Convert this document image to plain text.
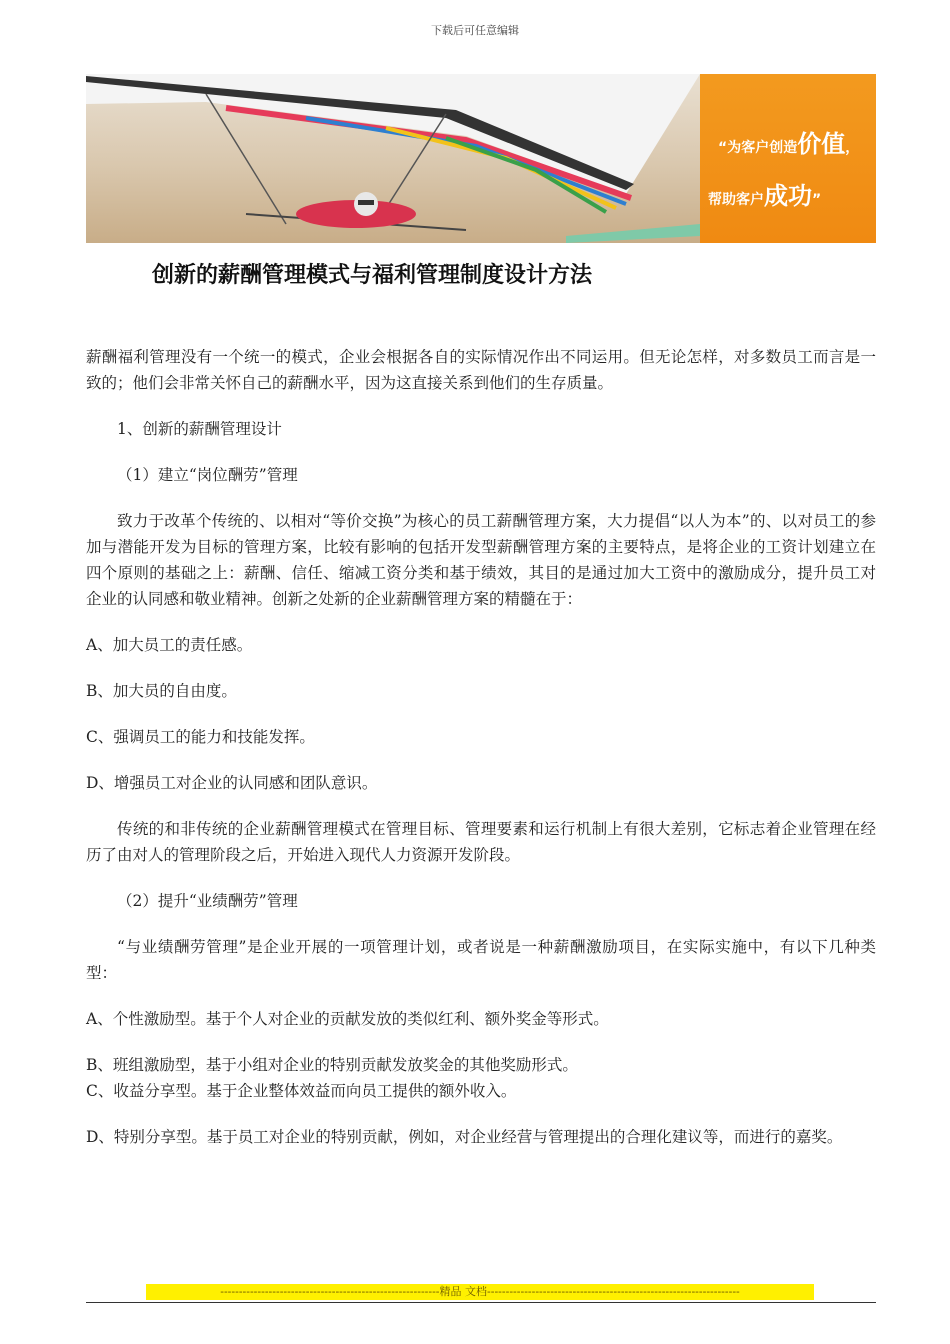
下载后可任意编辑
“为客户创造价值，
帮助客户成功”
创新的薪酬管理模式与福利管理制度设计方法

薪酬福利管理没有一个统一的模式，企业会根据各自的实际情况作出不同运用。但无论怎样，对多数员工而言是一致的；他们会非常关怀自己的薪酬水平，因为这直接关系到他们的生存质量。

1、创新的薪酬管理设计

（1）建立“岗位酬劳”管理

致力于改革个传统的、以相对“等价交换”为核心的员工薪酬管理方案，大力提倡“以人为本”的、以对员工的参加与潜能开发为目标的管理方案，比较有影响的包括开发型薪酬管理方案的主要特点，是将企业的工资计划建立在四个原则的基础之上：薪酬、信任、缩减工资分类和基于绩效，其目的是通过加大工资中的激励成分，提升员工对企业的认同感和敬业精神。创新之处新的企业薪酬管理方案的精髓在于：

A、加大员工的责任感。

B、加大员的自由度。

C、强调员工的能力和技能发挥。

D、增强员工对企业的认同感和团队意识。

传统的和非传统的企业薪酬管理模式在管理目标、管理要素和运行机制上有很大差别，它标志着企业管理在经历了由对人的管理阶段之后，开始进入现代人力资源开发阶段。

（2）提升“业绩酬劳”管理

“与业绩酬劳管理”是企业开展的一项管理计划，或者说是一种薪酬激励项目，在实际实施中，有以下几种类型：

A、个性激励型。基于个人对企业的贡献发放的类似红利、额外奖金等形式。

B、班组激励型，基于小组对企业的特别贡献发放奖金的其他奖励形式。

C、收益分享型。基于企业整体效益而向员工提供的额外收入。

D、特别分享型。基于员工对企业的特别贡献，例如，对企业经营与管理提出的合理化建议等，而进行的嘉奖。

-----------------------------------------------------------精品 文档--------------------------------------------------------------------
